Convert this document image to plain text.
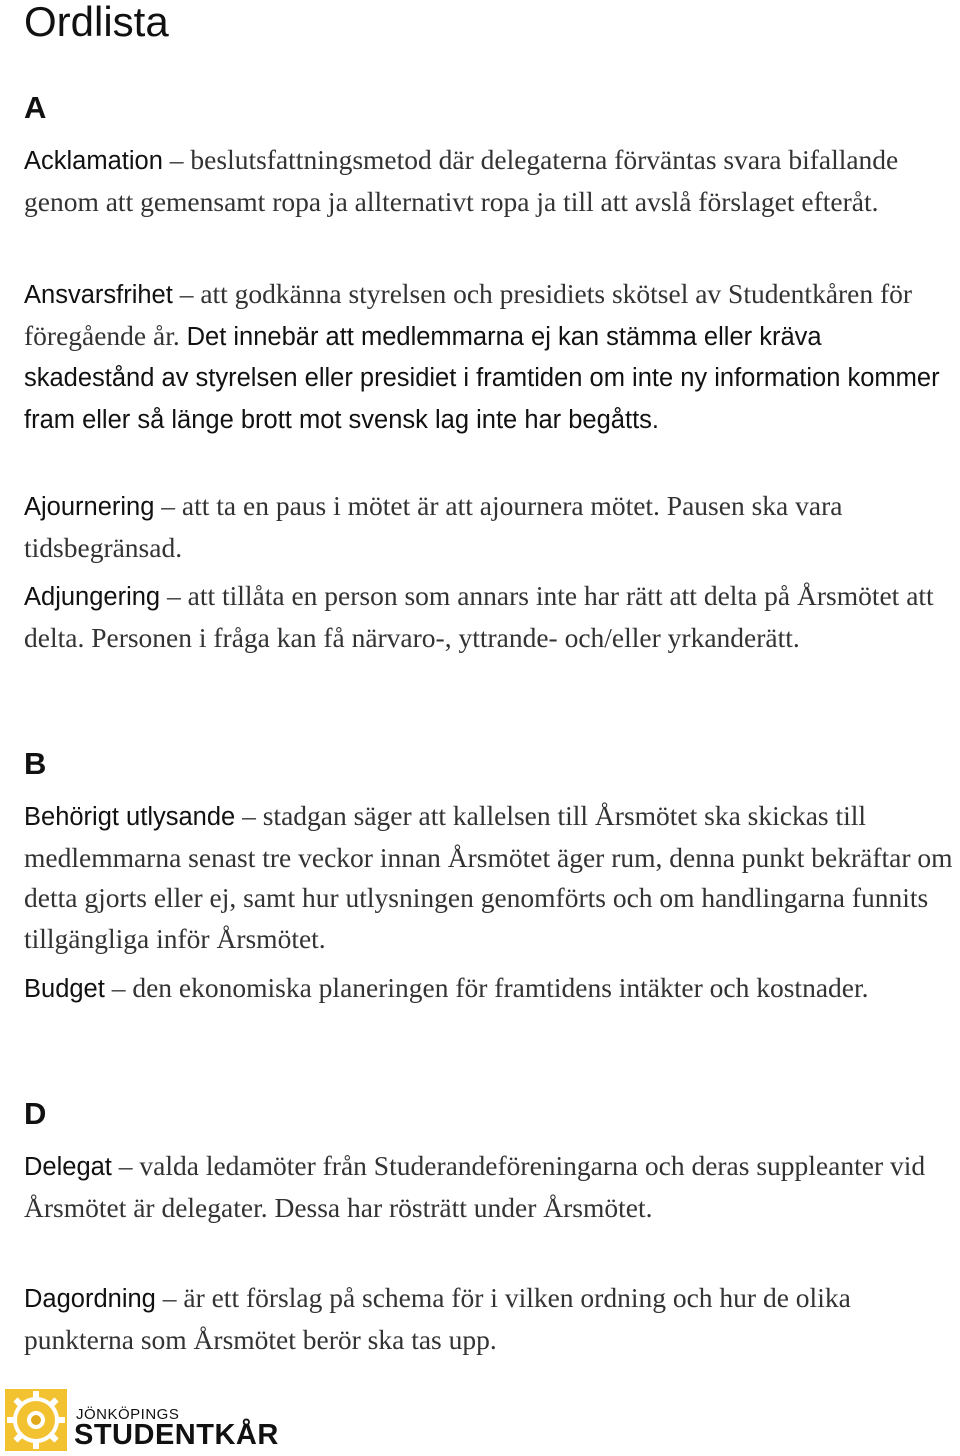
Ordlista
A

Acklamation – beslutsfattningsmetod där delegaterna förväntas svara bifallande genom att gemensamt ropa ja allternativt ropa ja till att avslå förslaget efteråt.

Ansvarsfrihet – att godkänna styrelsen och presidiets skötsel av Studentkåren för föregående år. Det innebär att medlemmarna ej kan stämma eller kräva skadestånd av styrelsen eller presidiet i framtiden om inte ny information kommer fram eller så länge brott mot svensk lag inte har begåtts.

Ajournering – att ta en paus i mötet är att ajournera mötet. Pausen ska vara tidsbegränsad.

Adjungering – att tillåta en person som annars inte har rätt att delta på Årsmötet att delta. Personen i fråga kan få närvaro-, yttrande- och/eller yrkanderätt.

B

Behörigt utlysande – stadgan säger att kallelsen till Årsmötet ska skickas till medlemmarna senast tre veckor innan Årsmötet äger rum, denna punkt bekräftar om detta gjorts eller ej, samt hur utlysningen genomförts och om handlingarna funnits tillgängliga inför Årsmötet.

Budget – den ekonomiska planeringen för framtidens intäkter och kostnader.

D

Delegat – valda ledamöter från Studerandeföreningarna och deras suppleanter vid Årsmötet är delegater. Dessa har rösträtt under Årsmötet.

Dagordning – är ett förslag på schema för i vilken ordning och hur de olika punkterna som Årsmötet berör ska tas upp.

JÖNKÖPINGS
STUDENTKÅR
